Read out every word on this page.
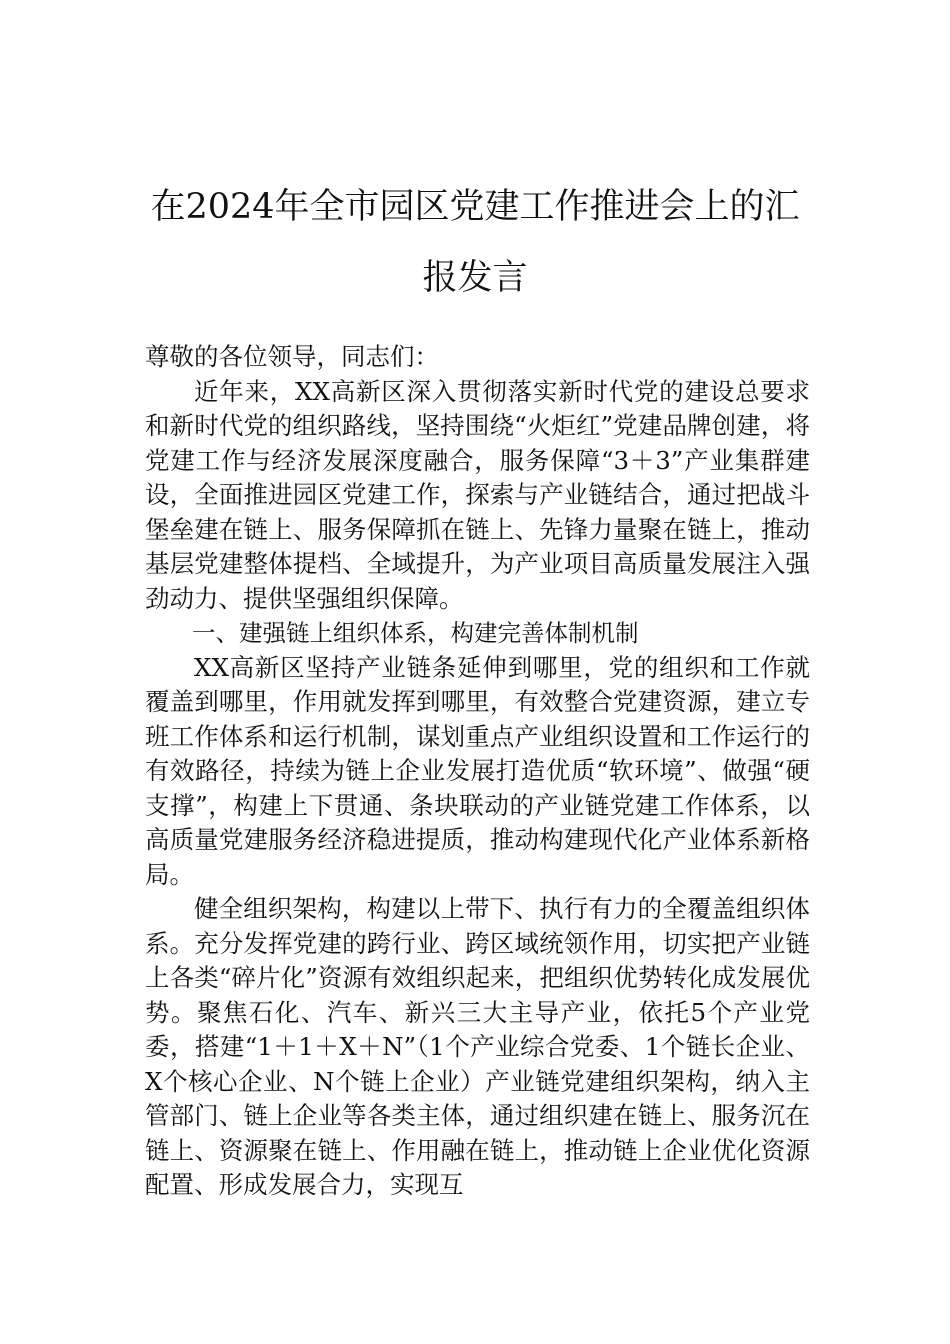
在2024年全市园区党建工作推进会上的汇
报发言

尊敬的各位领导，同志们：

近年来，XX高新区深入贯彻落实新时代党的建设总要求和新时代党的组织路线，坚持围绕“火炬红”党建品牌创建，将党建工作与经济发展深度融合，服务保障“3＋3”产业集群建设，全面推进园区党建工作，探索与产业链结合，通过把战斗堡垒建在链上、服务保障抓在链上、先锋力量聚在链上，推动基层党建整体提档、全域提升，为产业项目高质量发展注入强劲动力、提供坚强组织保障。

一、建强链上组织体系，构建完善体制机制

XX高新区坚持产业链条延伸到哪里，党的组织和工作就覆盖到哪里，作用就发挥到哪里，有效整合党建资源，建立专班工作体系和运行机制，谋划重点产业组织设置和工作运行的有效路径，持续为链上企业发展打造优质“软环境”、做强“硬支撑”，构建上下贯通、条块联动的产业链党建工作体系，以高质量党建服务经济稳进提质，推动构建现代化产业体系新格局。

健全组织架构，构建以上带下、执行有力的全覆盖组织体系。充分发挥党建的跨行业、跨区域统领作用，切实把产业链上各类“碎片化”资源有效组织起来，把组织优势转化成发展优势。聚焦石化、汽车、新兴三大主导产业，依托5个产业党委，搭建“1＋1＋X＋N”（1个产业综合党委、1个链长企业、X个核心企业、N个链上企业）产业链党建组织架构，纳入主管部门、链上企业等各类主体，通过组织建在链上、服务沉在链上、资源聚在链上、作用融在链上，推动链上企业优化资源配置、形成发展合力，实现互
